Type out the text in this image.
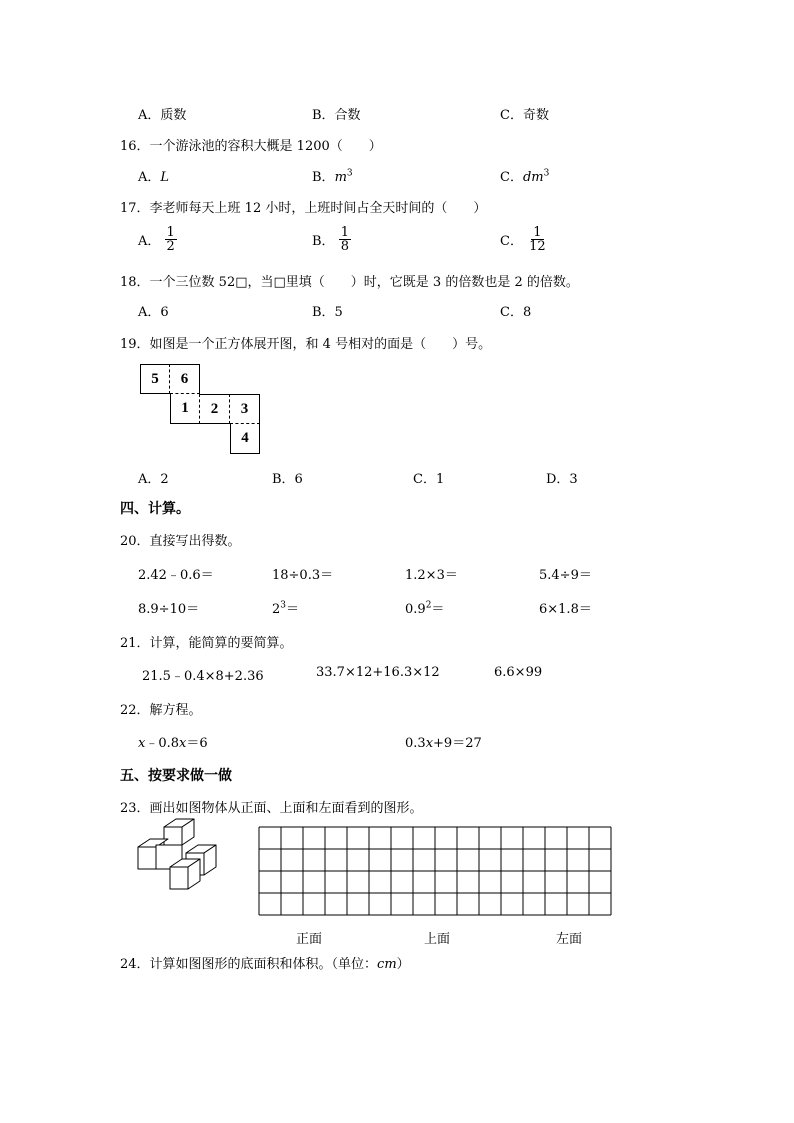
A．质数	B．合数	C．奇数
16．一个游泳池的容积大概是 1200（　　）
A．L	B．$m^3$	C．$dm^3$
17．李老师每天上班 12 小时，上班时间占全天时间的（　　）
A． $\frac{1}{2}$	B． $\frac{1}{8}$	C． $\frac{1}{12}$
18．一个三位数 52□，当□里填（　　）时，它既是 3 的倍数也是 2 的倍数。
A．6	B．5	C．8
19．如图是一个正方体展开图，和 4 号相对的面是（　　）号。
5	6
1	2	3
4
A．2	B．6	C．1	D．3
四、计算。
20．直接写出得数。
2.42﹣0.6＝	18÷0.3＝	1.2×3＝	5.4÷9＝
8.9÷10＝	$2^3=$	$0.9^2=$	6×1.8＝
21．计算，能简算的要简算。
21.5﹣0.4×8+2.36	33.7×12+16.3×12	6.6×99
22．解方程。
x﹣0.8x＝6	0.3x+9＝27
五、按要求做一做
23．画出如图物体从正面、上面和左面看到的图形。
正面	上面	左面
24．计算如图图形的底面积和体积。（单位：cm）
